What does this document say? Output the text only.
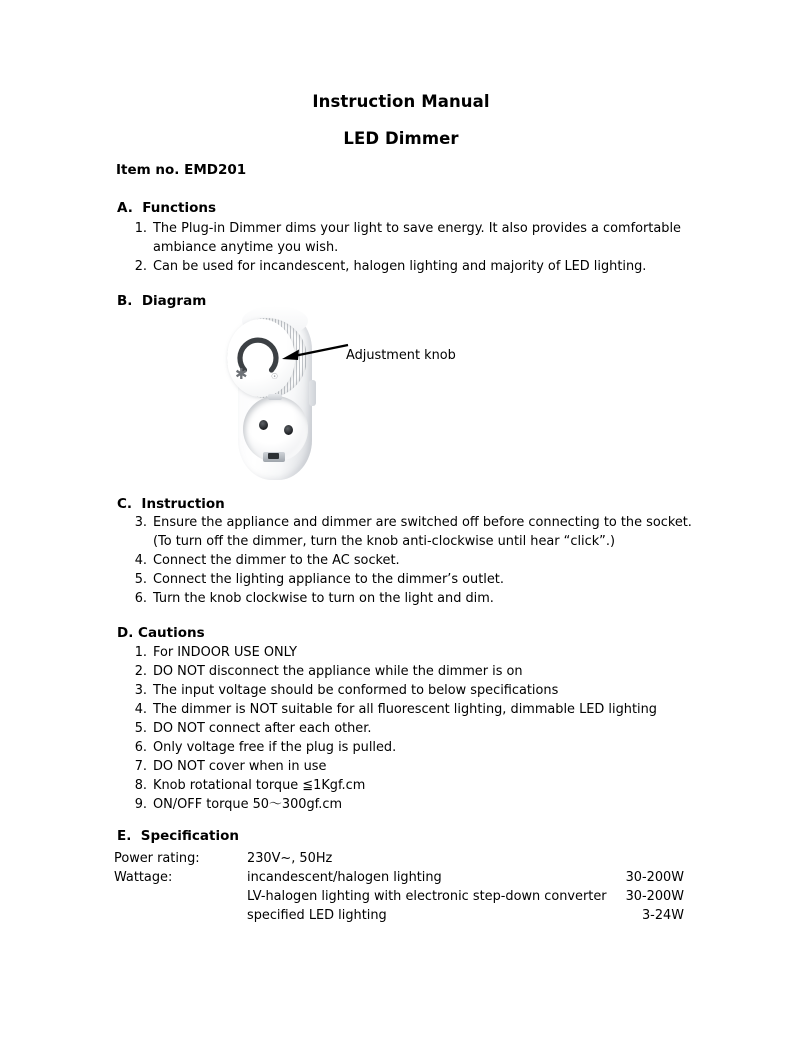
Instruction Manual
LED Dimmer
Item no. EMD201
A.  Functions
1. The Plug-in Dimmer dims your light to save energy. It also provides a comfortable ambiance anytime you wish.
2. Can be used for incandescent, halogen lighting and majority of LED lighting.
B.  Diagram
✱	☉
Adjustment knob
C.  Instruction
3. Ensure the appliance and dimmer are switched off before connecting to the socket. (To turn off the dimmer, turn the knob anti-clockwise until hear “click”.)
4. Connect the dimmer to the AC socket.
5. Connect the lighting appliance to the dimmer’s outlet.
6. Turn the knob clockwise to turn on the light and dim.
D. Cautions
1. For INDOOR USE ONLY
2. DO NOT disconnect the appliance while the dimmer is on
3. The input voltage should be conformed to below specifications
4. The dimmer is NOT suitable for all fluorescent lighting, dimmable LED lighting
5. DO NOT connect after each other.
6. Only voltage free if the plug is pulled.
7. DO NOT cover when in use
8. Knob rotational torque ≦1Kgf.cm
9. ON/OFF torque 50～300gf.cm
E.  Specification
Power rating:	230V~, 50Hz
Wattage:	incandescent/halogen lighting	30-200W
LV-halogen lighting with electronic step-down converter 30-200W
specified LED lighting	3-24W
